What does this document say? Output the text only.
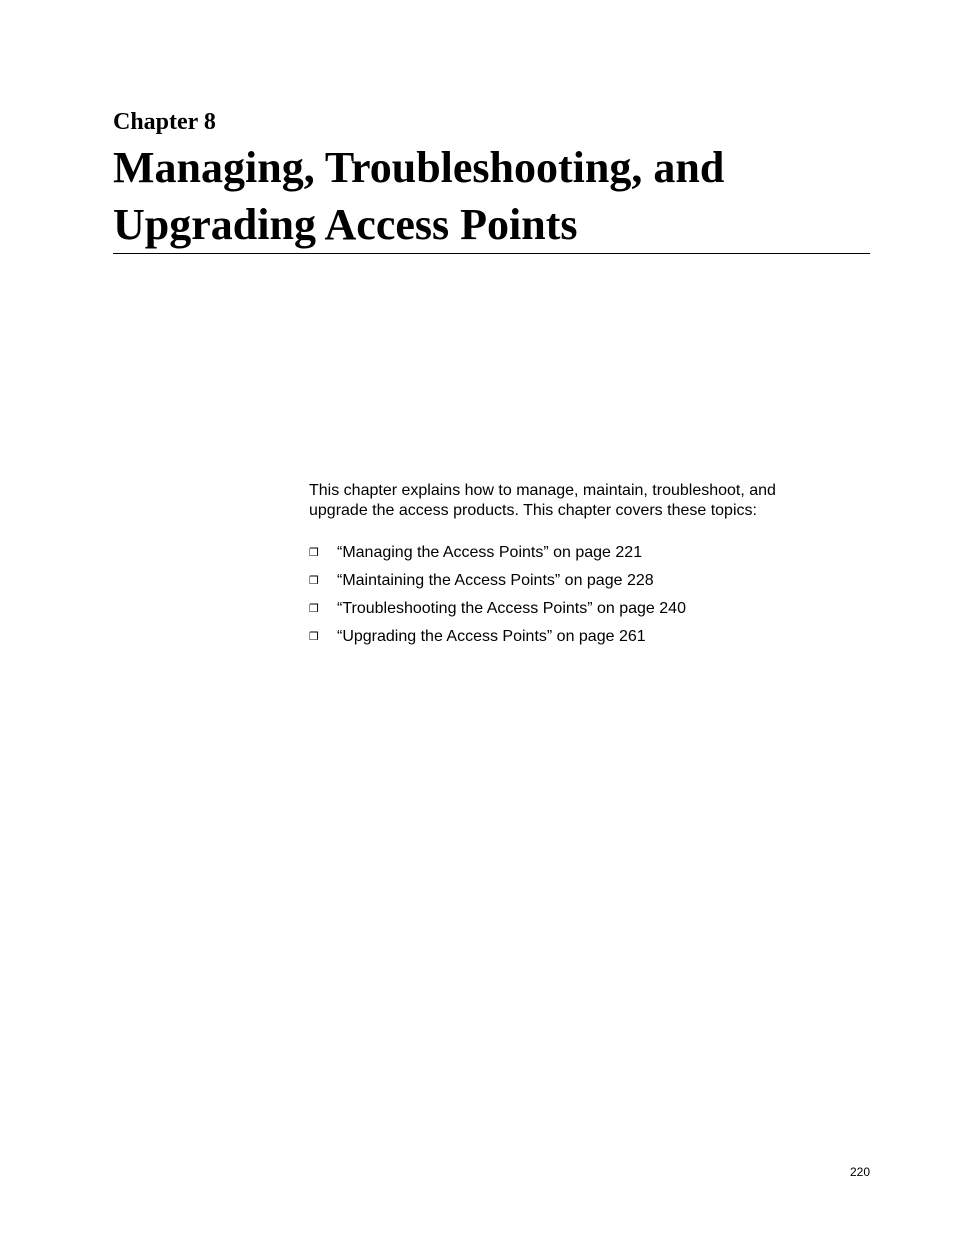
Chapter 8
Managing, Troubleshooting, and Upgrading Access Points

This chapter explains how to manage, maintain, troubleshoot, and upgrade the access products. This chapter covers these topics:

❒ “Managing the Access Points” on page 221
❒ “Maintaining the Access Points” on page 228
❒ “Troubleshooting the Access Points” on page 240
❒ “Upgrading the Access Points” on page 261
220
